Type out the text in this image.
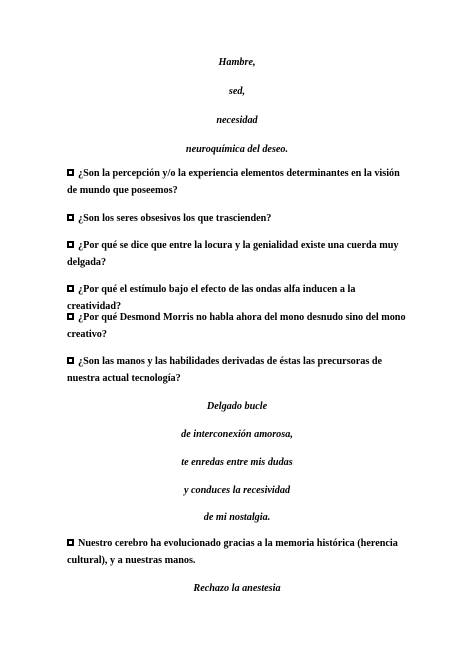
Hambre,
sed,
necesidad
neuroquímica del deseo.
¿Son la percepción y/o la experiencia elementos determinantes en la visión de mundo que poseemos?
¿Son los seres obsesivos los que trascienden?
¿Por qué se dice que entre la locura y la genialidad existe una cuerda muy delgada?
¿Por qué el estímulo bajo el efecto de las ondas alfa inducen a la creatividad?
¿Por qué Desmond Morris no habla ahora del mono desnudo sino del mono creativo?
¿Son las manos y las habilidades derivadas de éstas las precursoras de nuestra actual tecnología?
Delgado bucle
de interconexión amorosa,
te enredas entre mis dudas
y conduces la recesividad
de mi nostalgia.
Nuestro cerebro ha evolucionado gracias a la memoria histórica (herencia cultural), y a nuestras manos.
Rechazo la anestesia
